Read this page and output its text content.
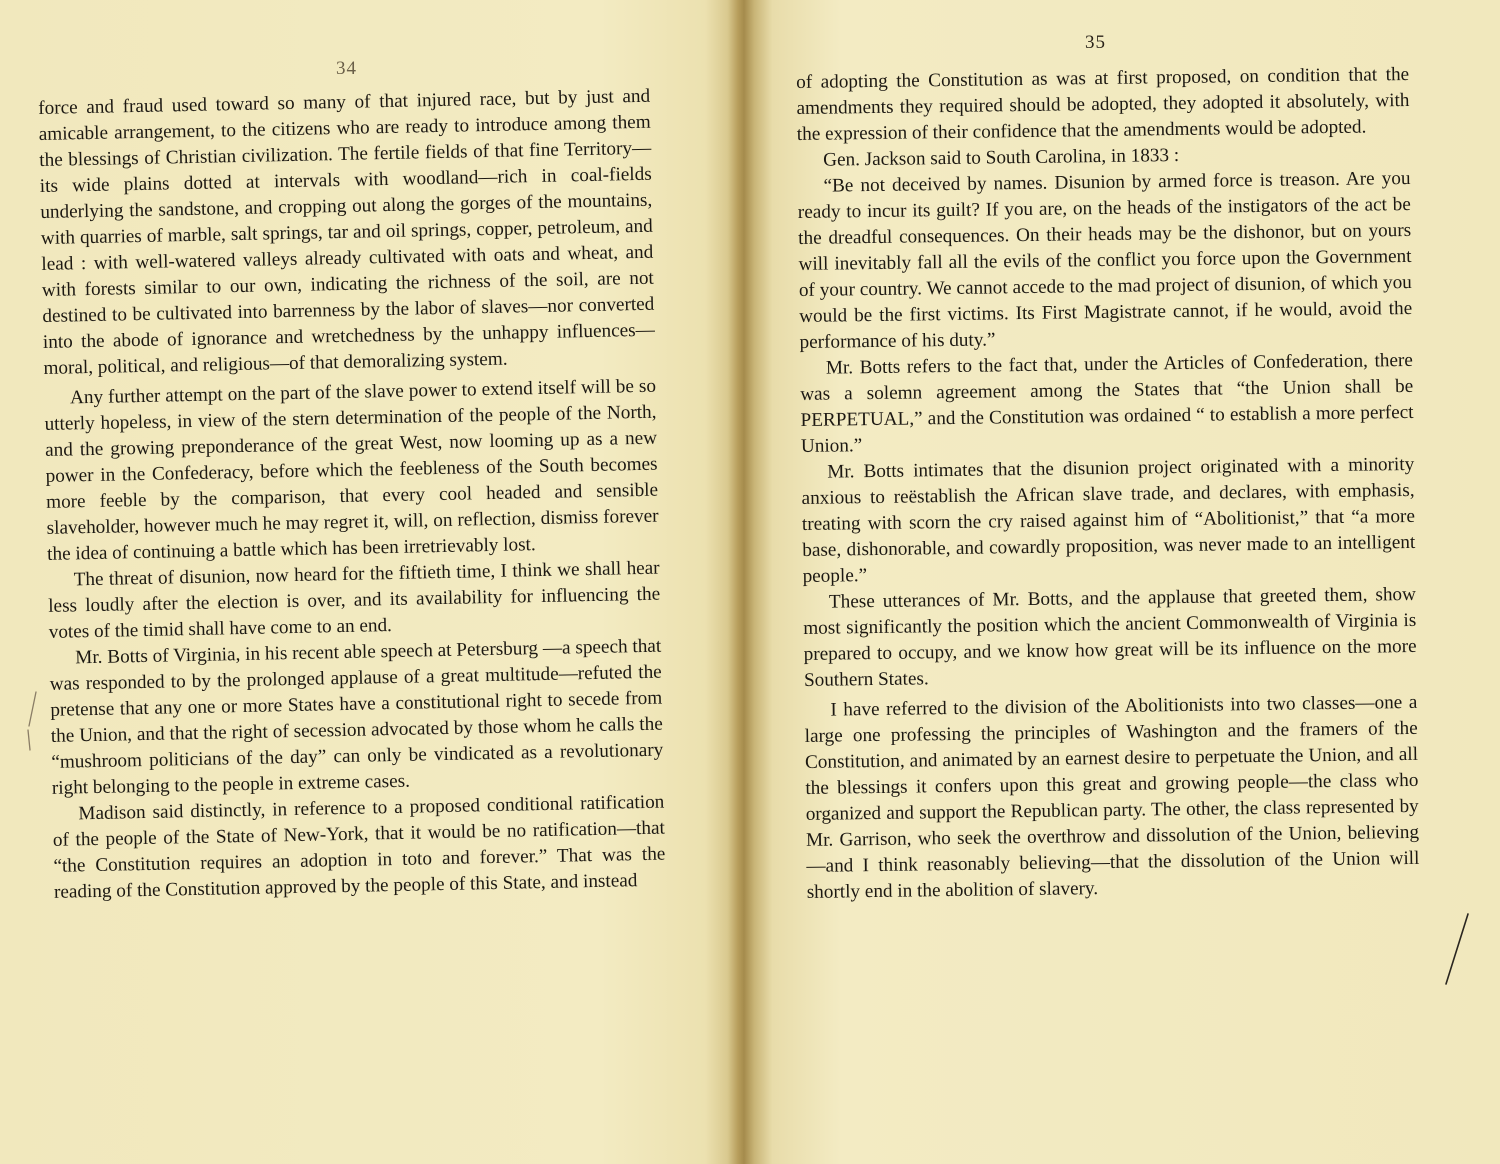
34

force and fraud used toward so many of that injured race, but by just and amicable arrangement, to the citizens who are ready to introduce among them the blessings of Christian civilization. The fertile fields of that fine Territory—its wide plains dotted at intervals with woodland—rich in coal-fields underlying the sandstone, and cropping out along the gorges of the mountains, with quarries of marble, salt springs, tar and oil springs, copper, petroleum, and lead : with well-watered valleys already cultivated with oats and wheat, and with forests similar to our own, indicating the richness of the soil, are not destined to be cultivated into barrenness by the labor of slaves—nor converted into the abode of ignorance and wretchedness by the unhappy influences—moral, political, and religious—of that demoralizing system.

Any further attempt on the part of the slave power to extend itself will be so utterly hopeless, in view of the stern determination of the people of the North, and the growing preponderance of the great West, now looming up as a new power in the Confederacy, before which the feebleness of the South becomes more feeble by the comparison, that every cool headed and sensible slaveholder, however much he may regret it, will, on reflection, dismiss forever the idea of continuing a battle which has been irretrievably lost.

The threat of disunion, now heard for the fiftieth time, I think we shall hear less loudly after the election is over, and its availability for influencing the votes of the timid shall have come to an end.

Mr. Botts of Virginia, in his recent able speech at Petersburg —a speech that was responded to by the prolonged applause of a great multitude—refuted the pretense that any one or more States have a constitutional right to secede from the Union, and that the right of secession advocated by those whom he calls the “mushroom politicians of the day” can only be vindicated as a revolutionary right belonging to the people in extreme cases.

Madison said distinctly, in reference to a proposed conditional ratification of the people of the State of New-York, that it would be no ratification—that “the Constitution requires an adoption in toto and forever.” That was the reading of the Constitution approved by the people of this State, and instead

35

of adopting the Constitution as was at first proposed, on condition that the amendments they required should be adopted, they adopted it absolutely, with the expression of their confidence that the amendments would be adopted.

Gen. Jackson said to South Carolina, in 1833 :

“Be not deceived by names. Disunion by armed force is treason. Are you ready to incur its guilt? If you are, on the heads of the instigators of the act be the dreadful consequences. On their heads may be the dishonor, but on yours will inevitably fall all the evils of the conflict you force upon the Government of your country. We cannot accede to the mad project of disunion, of which you would be the first victims. Its First Magistrate cannot, if he would, avoid the performance of his duty.”

Mr. Botts refers to the fact that, under the Articles of Confederation, there was a solemn agreement among the States that “the Union shall be PERPETUAL,” and the Constitution was ordained “ to establish a more perfect Union.”

Mr. Botts intimates that the disunion project originated with a minority anxious to reëstablish the African slave trade, and declares, with emphasis, treating with scorn the cry raised against him of “Abolitionist,” that “a more base, dishonorable, and cowardly proposition, was never made to an intelligent people.”

These utterances of Mr. Botts, and the applause that greeted them, show most significantly the position which the ancient Commonwealth of Virginia is prepared to occupy, and we know how great will be its influence on the more Southern States.

I have referred to the division of the Abolitionists into two classes—one a large one professing the principles of Washington and the framers of the Constitution, and animated by an earnest desire to perpetuate the Union, and all the blessings it confers upon this great and growing people—the class who organized and support the Republican party. The other, the class represented by Mr. Garrison, who seek the overthrow and dissolution of the Union, believing—and I think reasonably believing—that the dissolution of the Union will shortly end in the abolition of slavery.
